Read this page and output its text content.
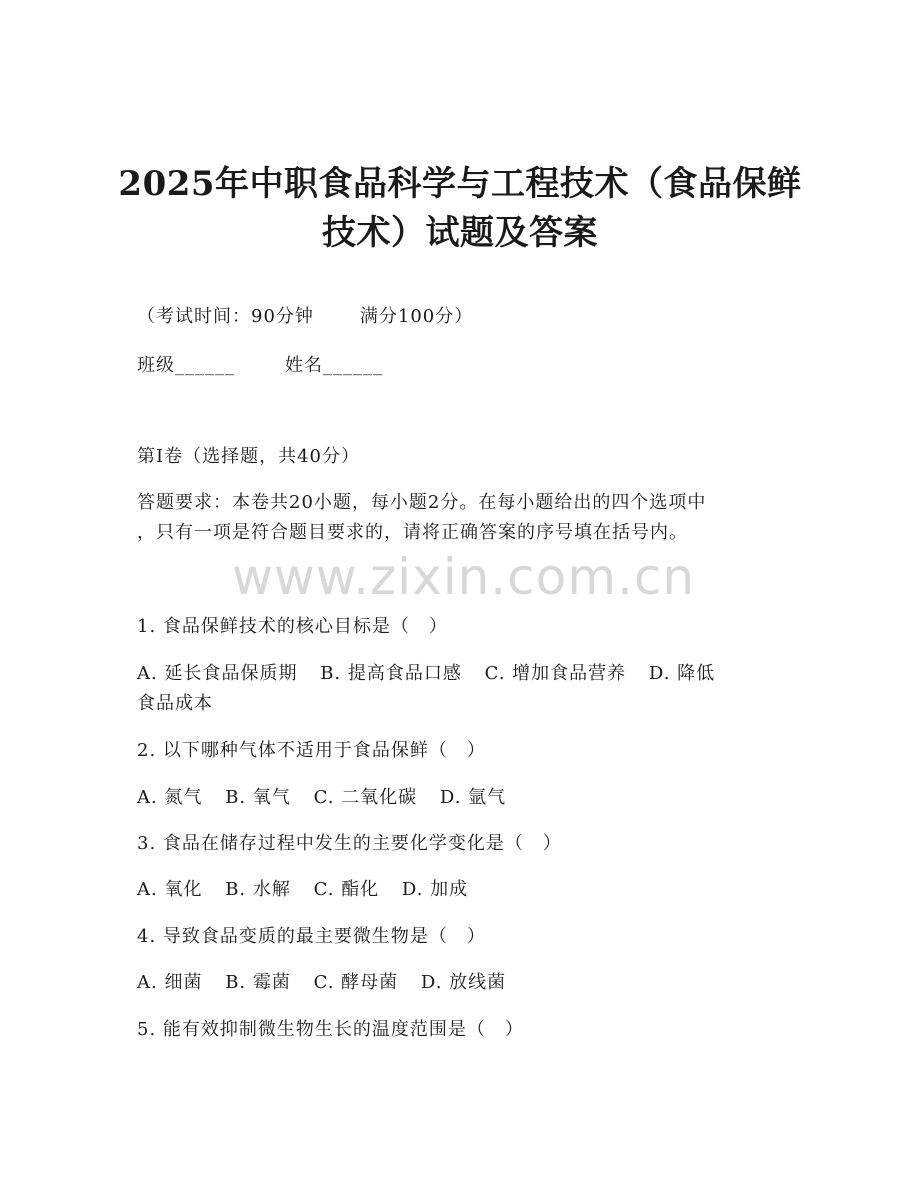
2025年中职食品科学与工程技术（食品保鲜
技术）试题及答案
（考试时间：90分钟	满分100分）
班级______	姓名______
第Ⅰ卷（选择题，共40分）
答题要求：本卷共20小题，每小题2分。在每小题给出的四个选项中
，只有一项是符合题目要求的，请将正确答案的序号填在括号内。
www.zixin.com.cn
1. 食品保鲜技术的核心目标是（　）
A. 延长食品保质期 B. 提高食品口感 C. 增加食品营养 D. 降低
食品成本
2. 以下哪种气体不适用于食品保鲜（　）
A. 氮气 B. 氧气 C. 二氧化碳 D. 氩气
3. 食品在储存过程中发生的主要化学变化是（　）
A. 氧化 B. 水解 C. 酯化 D. 加成
4. 导致食品变质的最主要微生物是（　）
A. 细菌 B. 霉菌 C. 酵母菌 D. 放线菌
5. 能有效抑制微生物生长的温度范围是（　）
